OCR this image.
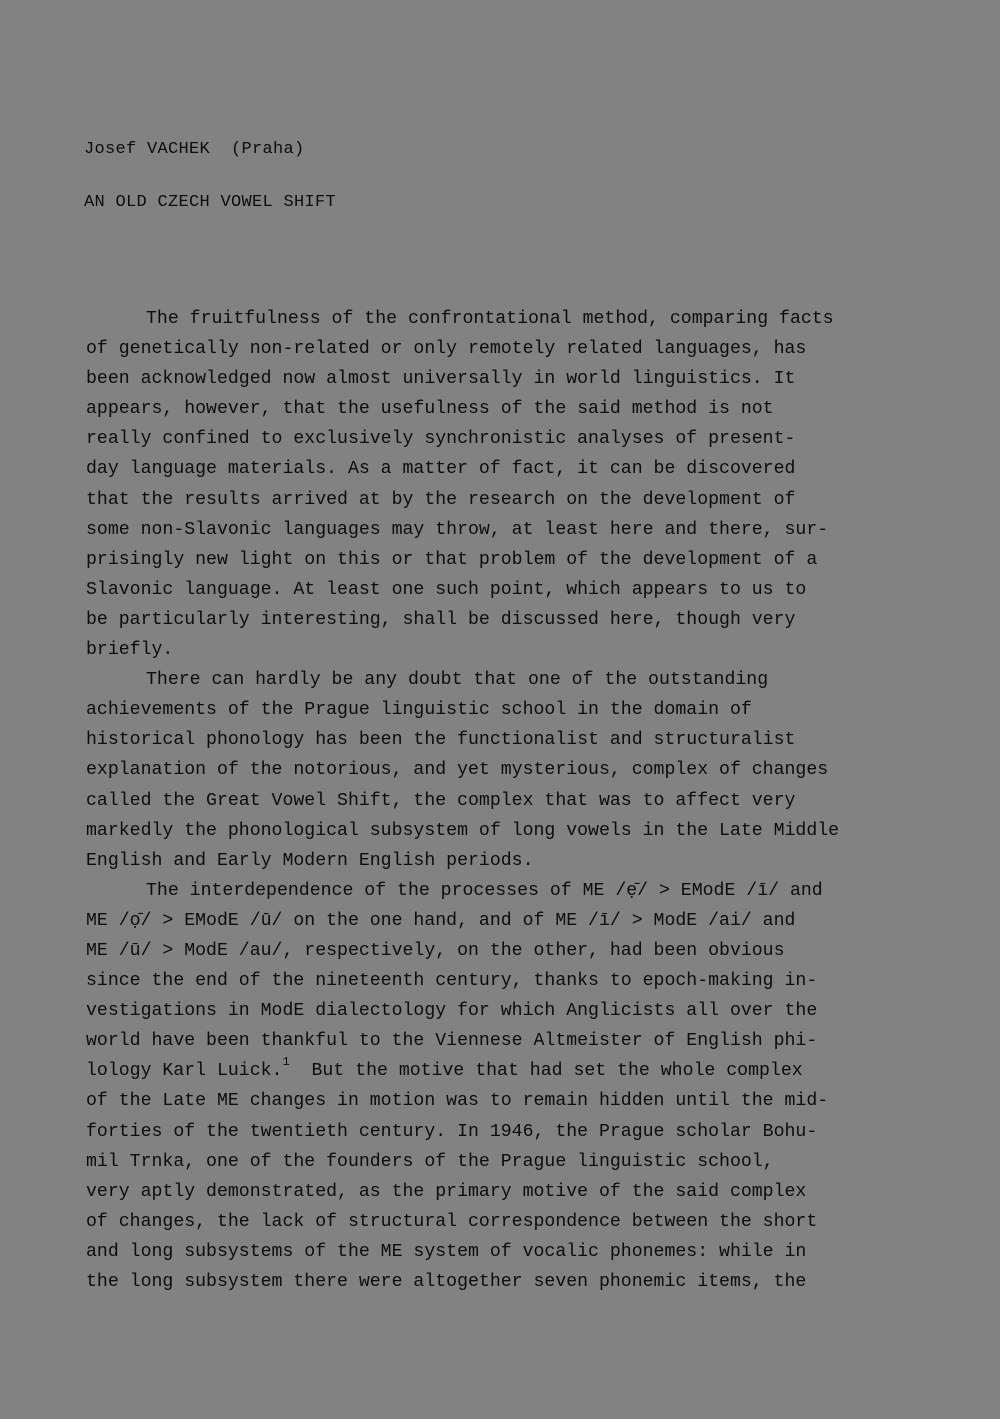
Josef VACHEK  (Praha)
AN OLD CZECH VOWEL SHIFT
The fruitfulness of the confrontational method, comparing facts
of genetically non-related or only remotely related languages, has
been acknowledged now almost universally in world linguistics. It
appears, however, that the usefulness of the said method is not
really confined to exclusively synchronistic analyses of present-
day language materials. As a matter of fact, it can be discovered
that the results arrived at by the research on the development of
some non-Slavonic languages may throw, at least here and there, sur-
prisingly new light on this or that problem of the development of a
Slavonic language. At least one such point, which appears to us to
be particularly interesting, shall be discussed here, though very
briefly.
There can hardly be any doubt that one of the outstanding
achievements of the Prague linguistic school in the domain of
historical phonology has been the functionalist and structuralist
explanation of the notorious, and yet mysterious, complex of changes
called the Great Vowel Shift, the complex that was to affect very
markedly the phonological subsystem of long vowels in the Late Middle
English and Early Modern English periods.
The interdependence of the processes of ME /ẹ̄/ > EModE /ī/ and
ME /ọ̄/ > EModE /ū/ on the one hand, and of ME /ī/ > ModE /ai/ and
ME /ū/ > ModE /au/, respectively, on the other, had been obvious
since the end of the nineteenth century, thanks to epoch-making in-
vestigations in ModE dialectology for which Anglicists all over the
world have been thankful to the Viennese Altmeister of English phi-
lology Karl Luick.$^1$  But the motive that had set the whole complex
of the Late ME changes in motion was to remain hidden until the mid-
forties of the twentieth century. In 1946, the Prague scholar Bohu-
mil Trnka, one of the founders of the Prague linguistic school,
very aptly demonstrated, as the primary motive of the said complex
of changes, the lack of structural correspondence between the short
and long subsystems of the ME system of vocalic phonemes: while in
the long subsystem there were altogether seven phonemic items, the
